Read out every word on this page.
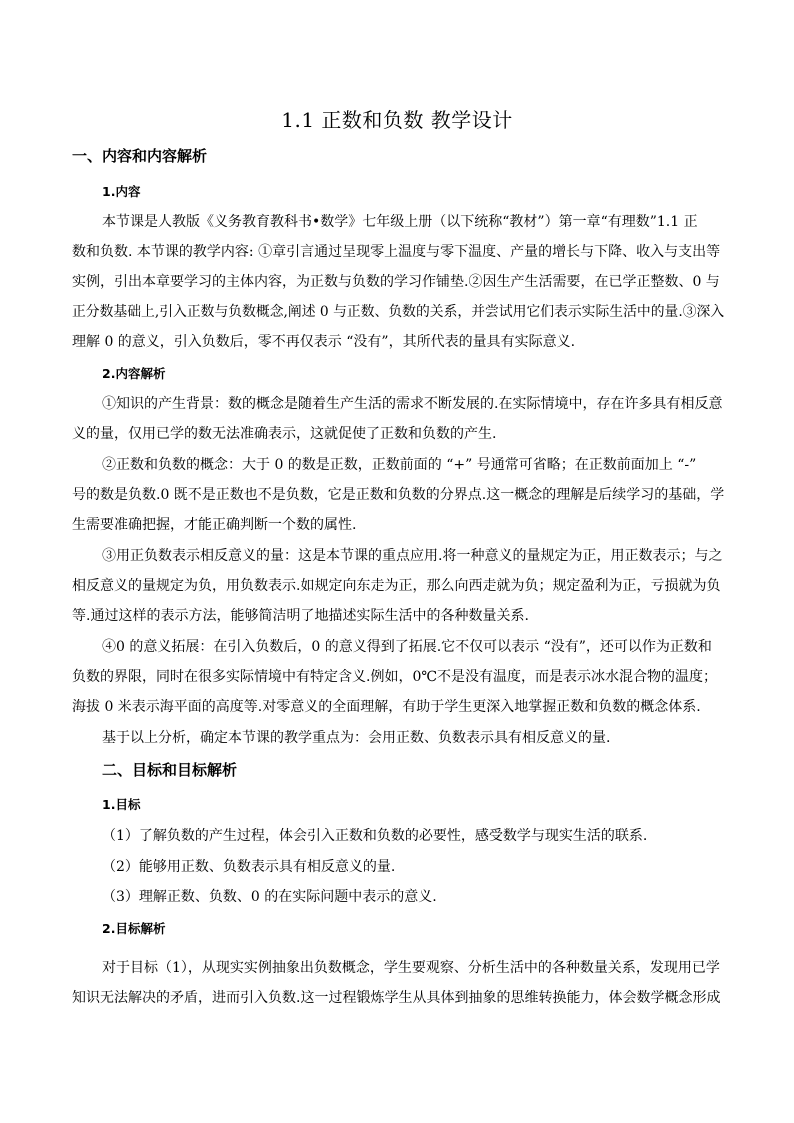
1.1 正数和负数 教学设计
一、内容和内容解析
1.内容
本节课是人教版《义务教育教科书•数学》七年级上册（以下统称“教材”）第一章“有理数”1.1 正
数和负数. 本节课的教学内容: ①章引言通过呈现零上温度与零下温度、产量的增长与下降、收入与支出等
实例，引出本章要学习的主体内容，为正数与负数的学习作铺垫.②因生产生活需要，在已学正整数、0 与
正分数基础上,引入正数与负数概念,阐述 0 与正数、负数的关系，并尝试用它们表示实际生活中的量.③深入
理解 0 的意义，引入负数后，零不再仅表示 “没有”，其所代表的量具有实际意义.
2.内容解析
①知识的产生背景：数的概念是随着生产生活的需求不断发展的.在实际情境中，存在许多具有相反意
义的量，仅用已学的数无法准确表示，这就促使了正数和负数的产生.
②正数和负数的概念：大于 0 的数是正数，正数前面的 “+” 号通常可省略；在正数前面加上 “-”
号的数是负数.0 既不是正数也不是负数，它是正数和负数的分界点.这一概念的理解是后续学习的基础，学
生需要准确把握，才能正确判断一个数的属性.
③用正负数表示相反意义的量：这是本节课的重点应用.将一种意义的量规定为正，用正数表示；与之
相反意义的量规定为负，用负数表示.如规定向东走为正，那么向西走就为负；规定盈利为正，亏损就为负
等.通过这样的表示方法，能够简洁明了地描述实际生活中的各种数量关系.
④0 的意义拓展：在引入负数后，0 的意义得到了拓展.它不仅可以表示 “没有”，还可以作为正数和
负数的界限，同时在很多实际情境中有特定含义.例如，0℃不是没有温度，而是表示冰水混合物的温度；
海拔 0 米表示海平面的高度等.对零意义的全面理解，有助于学生更深入地掌握正数和负数的概念体系.
基于以上分析，确定本节课的教学重点为：会用正数、负数表示具有相反意义的量.
二、目标和目标解析
1.目标
（1）了解负数的产生过程，体会引入正数和负数的必要性，感受数学与现实生活的联系.
（2）能够用正数、负数表示具有相反意义的量.
（3）理解正数、负数、0 的在实际问题中表示的意义.
2.目标解析
对于目标（1），从现实实例抽象出负数概念，学生要观察、分析生活中的各种数量关系，发现用已学
知识无法解决的矛盾，进而引入负数.这一过程锻炼学生从具体到抽象的思维转换能力，体会数学概念形成
